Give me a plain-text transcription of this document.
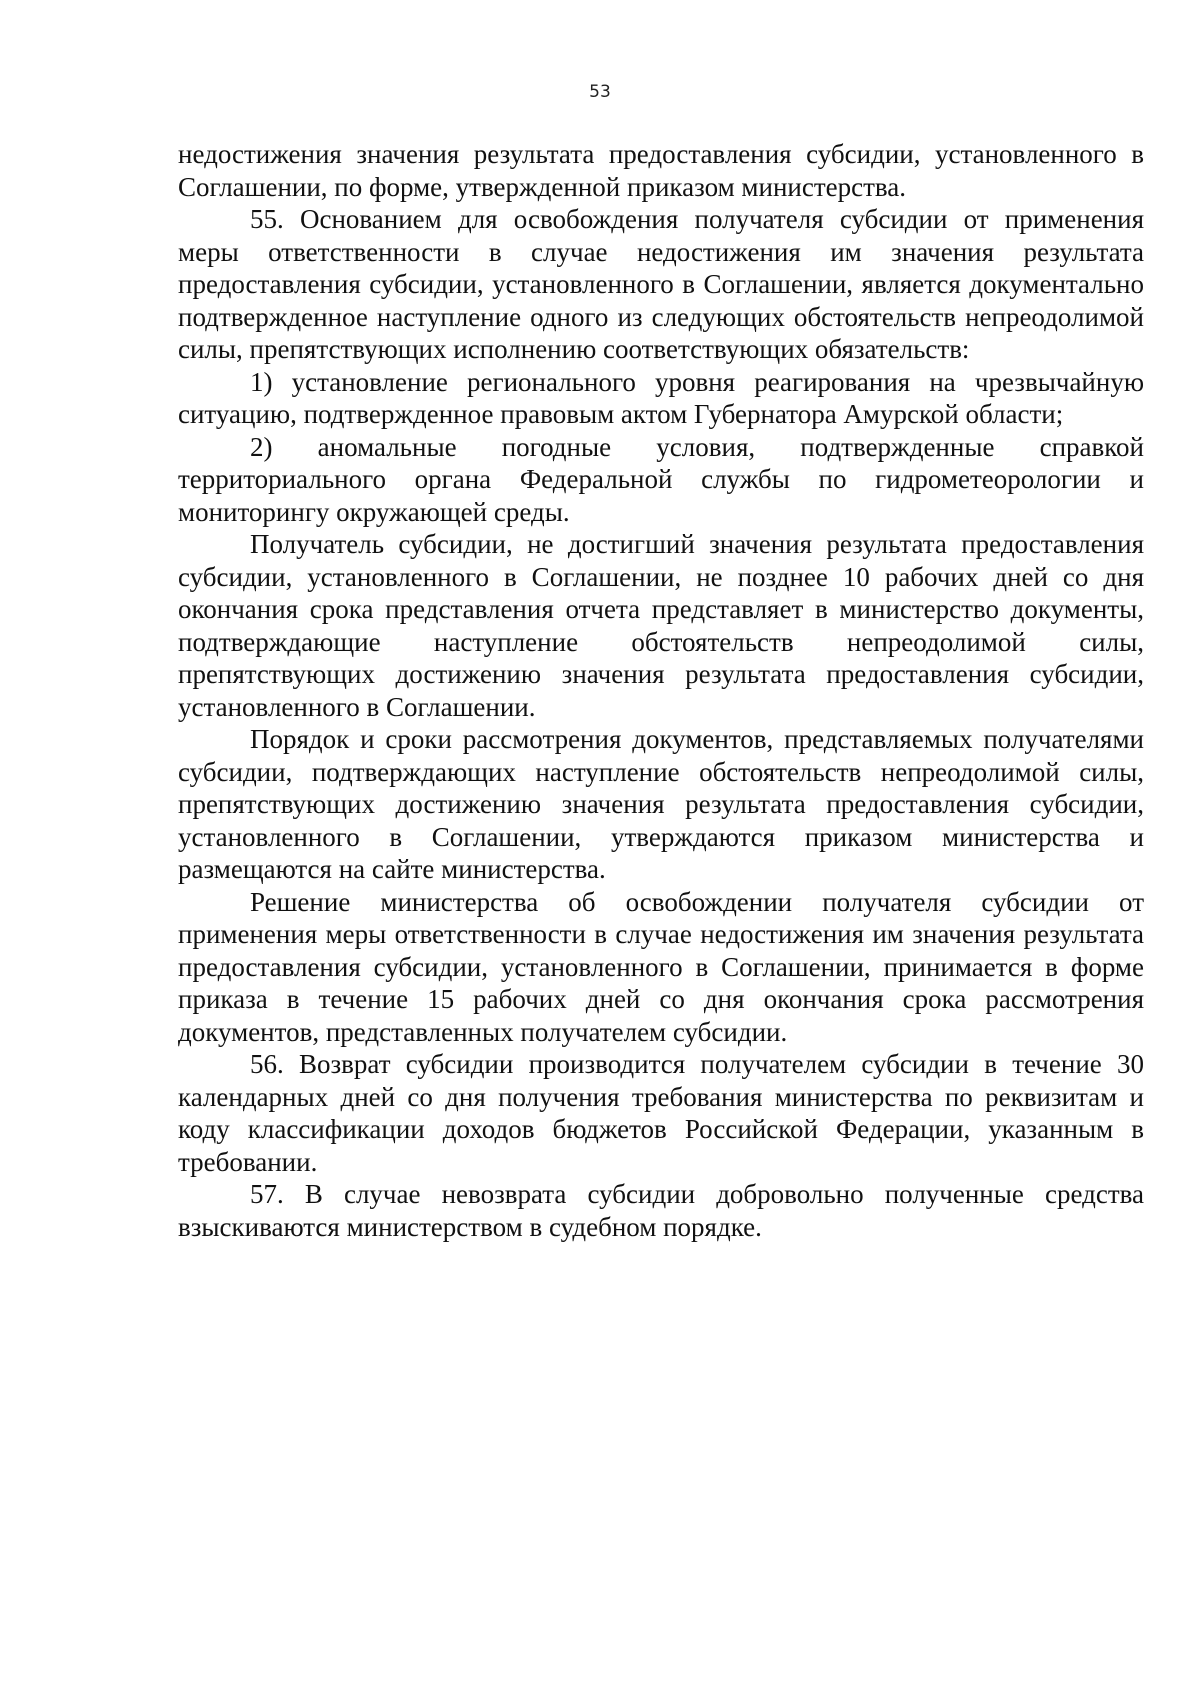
53

недостижения значения результата предоставления субсидии, установленного в Соглашении, по форме, утвержденной приказом министерства.

55. Основанием для освобождения получателя субсидии от применения меры ответственности в случае недостижения им значения результата предоставления субсидии, установленного в Соглашении, является документально подтвержденное наступление одного из следующих обстоятельств непреодолимой силы, препятствующих исполнению соответствующих обязательств:

1) установление регионального уровня реагирования на чрезвычайную ситуацию, подтвержденное правовым актом Губернатора Амурской области;

2) аномальные погодные условия, подтвержденные справкой территориального органа Федеральной службы по гидрометеорологии и мониторингу окружающей среды.

Получатель субсидии, не достигший значения результата предоставления субсидии, установленного в Соглашении, не позднее 10 рабочих дней со дня окончания срока представления отчета представляет в министерство документы, подтверждающие наступление обстоятельств непреодолимой силы, препятствующих достижению значения результата предоставления субсидии, установленного в Соглашении.

Порядок и сроки рассмотрения документов, представляемых получателями субсидии, подтверждающих наступление обстоятельств непреодолимой силы, препятствующих достижению значения результата предоставления субсидии, установленного в Соглашении, утверждаются приказом министерства и размещаются на сайте министерства.

Решение министерства об освобождении получателя субсидии от применения меры ответственности в случае недостижения им значения результата предоставления субсидии, установленного в Соглашении, принимается в форме приказа в течение 15 рабочих дней со дня окончания срока рассмотрения документов, представленных получателем субсидии.

56. Возврат субсидии производится получателем субсидии в течение 30 календарных дней со дня получения требования министерства по реквизитам и коду классификации доходов бюджетов Российской Федерации, указанным в требовании.

57. В случае невозврата субсидии добровольно полученные средства взыскиваются министерством в судебном порядке.
